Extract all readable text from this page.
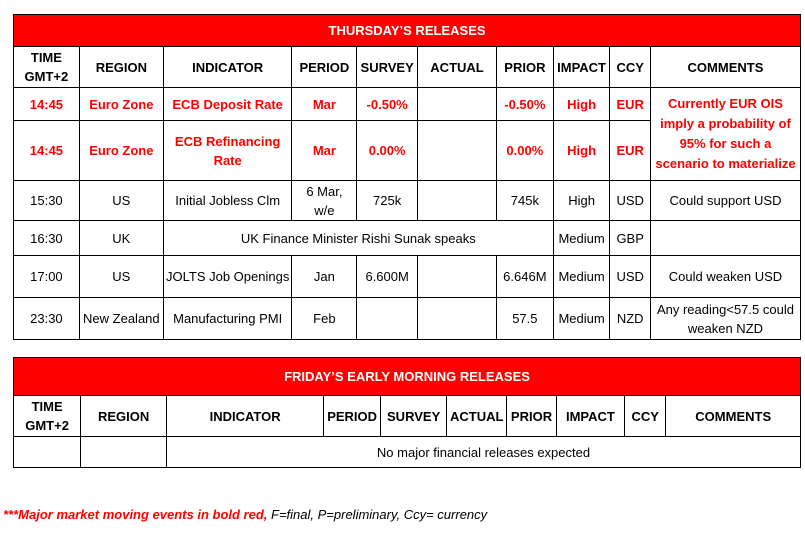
THURSDAY’S RELEASES									
TIME GMT+2	REGION	INDICATOR	PERIOD	SURVEY	ACTUAL	PRIOR	IMPACT	CCY	COMMENTS
14:45	Euro Zone	ECB Deposit Rate	Mar	-0.50%		-0.50%	High	EUR	Currently EUR OIS imply a probability of 95% for such a scenario to materialize
14:45	Euro Zone	ECB Refinancing Rate	Mar	0.00%		0.00%	High	EUR	
15:30	US	Initial Jobless Clm	6 Mar, w/e	725k		745k	High	USD	Could support USD
16:30	UK	UK Finance Minister Rishi Sunak speaks					Medium	GBP	
17:00	US	JOLTS Job Openings	Jan	6.600M		6.646M	Medium	USD	Could weaken USD
23:30	New Zealand	Manufacturing PMI	Feb			57.5	Medium	NZD	Any reading<57.5 could weaken NZD
FRIDAY’S EARLY MORNING RELEASES									
TIME GMT+2	REGION	INDICATOR	PERIOD	SURVEY	ACTUAL	PRIOR	IMPACT	CCY	COMMENTS
		No major financial releases expected							
***Major market moving events in bold red, F=final, P=preliminary, Ccy= currency
